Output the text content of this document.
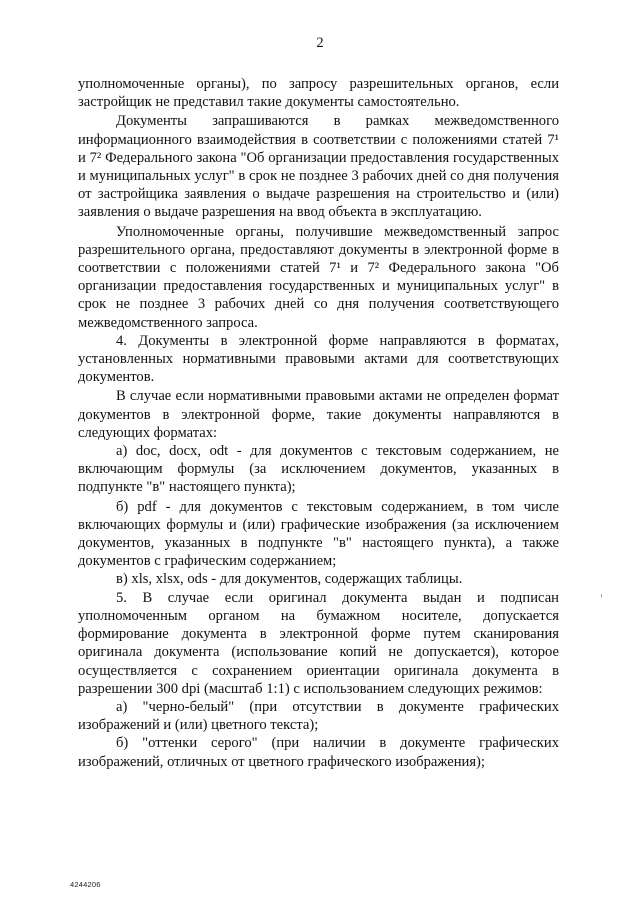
2

уполномоченные органы), по запросу разрешительных органов, если застройщик не представил такие документы самостоятельно.

Документы запрашиваются в рамках межведомственного информационного взаимодействия в соответствии с положениями статей 7¹ и 7² Федерального закона "Об организации предоставления государственных и муниципальных услуг" в срок не позднее 3 рабочих дней со дня получения от застройщика заявления о выдаче разрешения на строительство и (или) заявления о выдаче разрешения на ввод объекта в эксплуатацию.

Уполномоченные органы, получившие межведомственный запрос разрешительного органа, предоставляют документы в электронной форме в соответствии с положениями статей 7¹ и 7² Федерального закона "Об организации предоставления государственных и муниципальных услуг" в срок не позднее 3 рабочих дней со дня получения соответствующего межведомственного запроса.

4. Документы в электронной форме направляются в форматах, установленных нормативными правовыми актами для соответствующих документов.

В случае если нормативными правовыми актами не определен формат документов в электронной форме, такие документы направляются в следующих форматах:

а) doc, docx, odt - для документов с текстовым содержанием, не включающим формулы (за исключением документов, указанных в подпункте "в" настоящего пункта);

б) pdf - для документов с текстовым содержанием, в том числе включающих формулы и (или) графические изображения (за исключением документов, указанных в подпункте "в" настоящего пункта), а также документов с графическим содержанием;

в) xls, xlsx, ods - для документов, содержащих таблицы.

5. В случае если оригинал документа выдан и подписан уполномоченным органом на бумажном носителе, допускается формирование документа в электронной форме путем сканирования оригинала документа (использование копий не допускается), которое осуществляется с сохранением ориентации оригинала документа в разрешении 300 dpi (масштаб 1:1) с использованием следующих режимов:

а) "черно-белый" (при отсутствии в документе графических изображений и (или) цветного текста);

б) "оттенки серого" (при наличии в документе графических изображений, отличных от цветного графического изображения);

4244206
